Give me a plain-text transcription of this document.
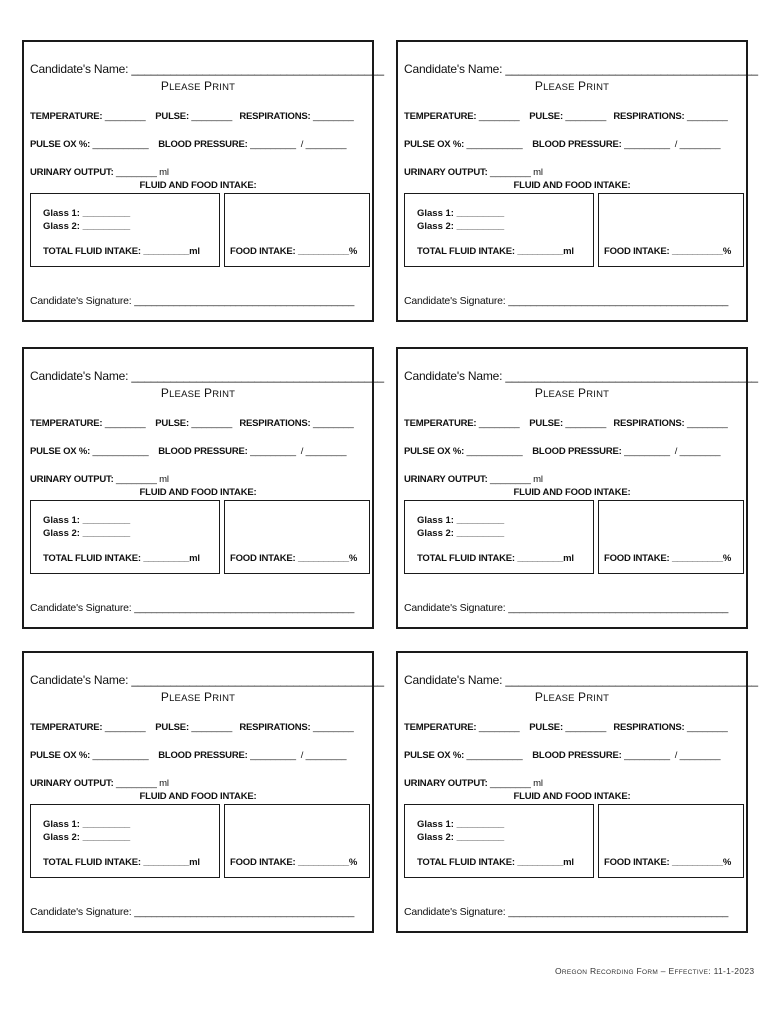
Candidate's Name: _______________________________________
PLEASE PRINT
TEMPERATURE: ________ PULSE: ________ RESPIRATIONS: ________
PULSE OX %: ___________ BLOOD PRESSURE: _________ / ________
URINARY OUTPUT: ________ ml
FLUID AND FOOD INTAKE:
Glass 1: _________
Glass 2: _________
TOTAL FLUID INTAKE: _________ml	FOOD INTAKE: __________%
Candidate's Signature: _______________________________________
Candidate's Name: _______________________________________
PLEASE PRINT
TEMPERATURE: ________ PULSE: ________ RESPIRATIONS: ________
PULSE OX %: ___________ BLOOD PRESSURE: _________ / ________
URINARY OUTPUT: ________ ml
FLUID AND FOOD INTAKE:
Glass 1: _________
Glass 2: _________
TOTAL FLUID INTAKE: _________ml	FOOD INTAKE: __________%
Candidate's Signature: _______________________________________
Candidate's Name: _______________________________________
PLEASE PRINT
TEMPERATURE: ________ PULSE: ________ RESPIRATIONS: ________
PULSE OX %: ___________ BLOOD PRESSURE: _________ / ________
URINARY OUTPUT: ________ ml
FLUID AND FOOD INTAKE:
Glass 1: _________
Glass 2: _________
TOTAL FLUID INTAKE: _________ml	FOOD INTAKE: __________%
Candidate's Signature: _______________________________________
Candidate's Name: _______________________________________
PLEASE PRINT
TEMPERATURE: ________ PULSE: ________ RESPIRATIONS: ________
PULSE OX %: ___________ BLOOD PRESSURE: _________ / ________
URINARY OUTPUT: ________ ml
FLUID AND FOOD INTAKE:
Glass 1: _________
Glass 2: _________
TOTAL FLUID INTAKE: _________ml	FOOD INTAKE: __________%
Candidate's Signature: _______________________________________
Candidate's Name: _______________________________________
PLEASE PRINT
TEMPERATURE: ________ PULSE: ________ RESPIRATIONS: ________
PULSE OX %: ___________ BLOOD PRESSURE: _________ / ________
URINARY OUTPUT: ________ ml
FLUID AND FOOD INTAKE:
Glass 1: _________
Glass 2: _________
TOTAL FLUID INTAKE: _________ml	FOOD INTAKE: __________%
Candidate's Signature: _______________________________________
Candidate's Name: _______________________________________
PLEASE PRINT
TEMPERATURE: ________ PULSE: ________ RESPIRATIONS: ________
PULSE OX %: ___________ BLOOD PRESSURE: _________ / ________
URINARY OUTPUT: ________ ml
FLUID AND FOOD INTAKE:
Glass 1: _________
Glass 2: _________
TOTAL FLUID INTAKE: _________ml	FOOD INTAKE: __________%
Candidate's Signature: _______________________________________
OREGON RECORDING FORM – EFFECTIVE: 11-1-2023
